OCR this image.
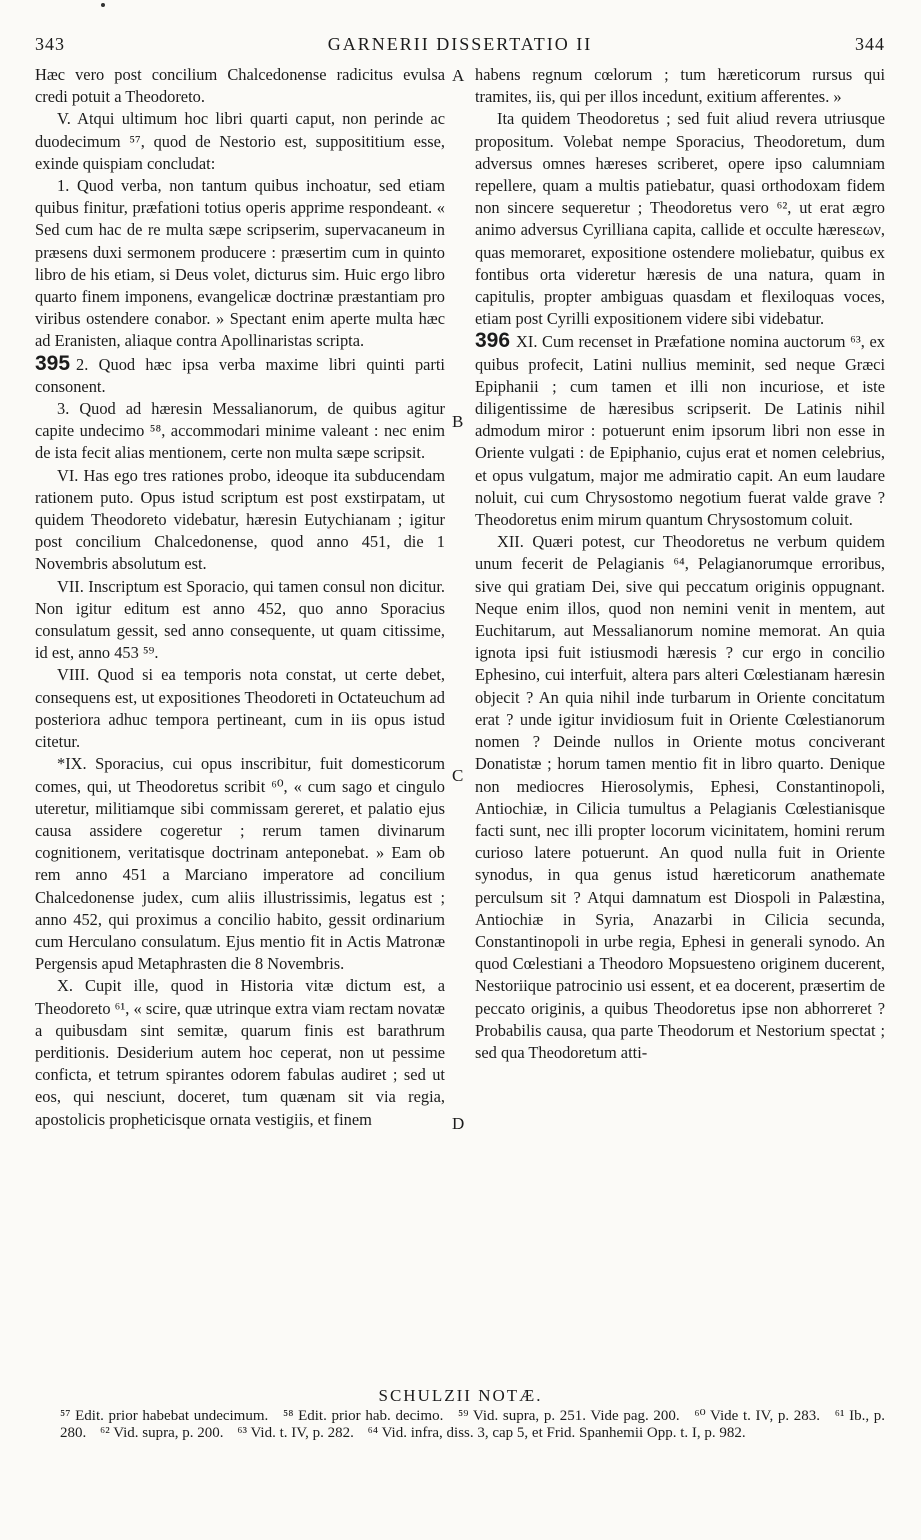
343	GARNERII DISSERTATIO II	344

Hæc vero post concilium Chalcedonense radicitus evulsa credi potuit a Theodoreto.

V. Atqui ultimum hoc libri quarti caput, non perinde ac duodecimum ⁵⁷, quod de Nestorio est, supposititium esse, exinde quispiam concludat:

1. Quod verba, non tantum quibus inchoatur, sed etiam quibus finitur, præfationi totius operis apprime respondeant. « Sed cum hac de re multa sæpe scripserim, supervacaneum in præsens duxi sermonem producere : præsertim cum in quinto libro de his etiam, si Deus volet, dicturus sim. Huic ergo libro quarto finem imponens, evangelicæ doctrinæ præstantiam pro viribus ostendere conabor. » Spectant enim aperte multa hæc ad Eranisten, aliaque contra Apollinaristas scripta.

395 2. Quod hæc ipsa verba maxime libri quinti parti consonent.

3. Quod ad hæresin Messalianorum, de quibus agitur capite undecimo ⁵⁸, accommodari minime valeant : nec enim de ista fecit alias mentionem, certe non multa sæpe scripsit.

VI. Has ego tres rationes probo, ideoque ita subducendam rationem puto. Opus istud scriptum est post exstirpatam, ut quidem Theodoreto videbatur, hæresin Eutychianam ; igitur post concilium Chalcedonense, quod anno 451, die 1 Novembris absolutum est.

VII. Inscriptum est Sporacio, qui tamen consul non dicitur. Non igitur editum est anno 452, quo anno Sporacius consulatum gessit, sed anno consequente, ut quam citissime, id est, anno 453 ⁵⁹.

VIII. Quod si ea temporis nota constat, ut certe debet, consequens est, ut expositiones Theodoreti in Octateuchum ad posteriora adhuc tempora pertineant, cum in iis opus istud citetur.

*IX. Sporacius, cui opus inscribitur, fuit domesticorum comes, qui, ut Theodoretus scribit ⁶⁰, « cum sago et cingulo uteretur, militiamque sibi commissam gereret, et palatio ejus causa assidere cogeretur ; rerum tamen divinarum cognitionem, veritatisque doctrinam anteponebat. » Eam ob rem anno 451 a Marciano imperatore ad concilium Chalcedonense judex, cum aliis illustrissimis, legatus est ; anno 452, qui proximus a concilio habito, gessit ordinarium cum Herculano consulatum. Ejus mentio fit in Actis Matronæ Pergensis apud Metaphrasten die 8 Novembris.

X. Cupit ille, quod in Historia vitæ dictum est, a Theodoreto ⁶¹, « scire, quæ utrinque extra viam rectam novatæ a quibusdam sint semitæ, quarum finis est barathrum perditionis. Desiderium autem hoc ceperat, non ut pessime conficta, et tetrum spirantes odorem fabulas audiret ; sed ut eos, qui nesciunt, doceret, tum quænam sit via regia, apostolicis propheticisque ornata vestigiis, et finem

habens regnum cœlorum ; tum hæreticorum rursus qui tramites, iis, qui per illos incedunt, exitium afferentes. »

Ita quidem Theodoretus ; sed fuit aliud revera utriusque propositum. Volebat nempe Sporacius, Theodoretum, dum adversus omnes hæreses scriberet, opere ipso calumniam repellere, quam a multis patiebatur, quasi orthodoxam fidem non sincere sequeretur ; Theodoretus vero ⁶², ut erat ægro animo adversus Cyrilliana capita, callide et occulte hæresεων, quas memoraret, expositione ostendere moliebatur, quibus ex fontibus orta videretur hæresis de una natura, quam in capitulis, propter ambiguas quasdam et flexiloquas voces, etiam post Cyrilli expositionem videre sibi videbatur.

396 XI. Cum recenset in Præfatione nomina auctorum ⁶³, ex quibus profecit, Latini nullius meminit, sed neque Græci Epiphanii ; cum tamen et illi non incuriose, et iste diligentissime de hæresibus scripserit. De Latinis nihil admodum miror : potuerunt enim ipsorum libri non esse in Oriente vulgati : de Epiphanio, cujus erat et nomen celebrius, et opus vulgatum, major me admiratio capit. An eum laudare noluit, cui cum Chrysostomo negotium fuerat valde grave ? Theodoretus enim mirum quantum Chrysostomum coluit.

XII. Quæri potest, cur Theodoretus ne verbum quidem unum fecerit de Pelagianis ⁶⁴, Pelagianorumque erroribus, sive qui gratiam Dei, sive qui peccatum originis oppugnant. Neque enim illos, quod non nemini venit in mentem, aut Euchitarum, aut Messalianorum nomine memorat. An quia ignota ipsi fuit istiusmodi hæresis ? cur ergo in concilio Ephesino, cui interfuit, altera pars alteri Cœlestianam hæresin objecit ? An quia nihil inde turbarum in Oriente concitatum erat ? unde igitur invidiosum fuit in Oriente Cœlestianorum nomen ? Deinde nullos in Oriente motus conciverant Donatistæ ; horum tamen mentio fit in libro quarto. Denique non mediocres Hierosolymis, Ephesi, Constantinopoli, Antiochiæ, in Cilicia tumultus a Pelagianis Cœlestianisque facti sunt, nec illi propter locorum vicinitatem, homini rerum curioso latere potuerunt. An quod nulla fuit in Oriente synodus, in qua genus istud hæreticorum anathemate perculsum sit ? Atqui damnatum est Diospoli in Palæstina, Antiochiæ in Syria, Anazarbi in Cilicia secunda, Constantinopoli in urbe regia, Ephesi in generali synodo. An quod Cœlestiani a Theodoro Mopsuesteno originem ducerent, Nestoriique patrocinio usi essent, et ea docerent, præsertim de peccato originis, a quibus Theodoretus ipse non abhorreret ? Probabilis causa, qua parte Theodorum et Nestorium spectat ; sed qua Theodoretum atti-

A
B
C
D
SCHULZII NOTÆ.
⁵⁷ Edit. prior habebat undecimum. ⁵⁸ Edit. prior hab. decimo. ⁵⁹ Vid. supra, p. 251. Vide pag. 200. ⁶⁰ Vide t. IV, p. 283. ⁶¹ Ib., p. 280. ⁶² Vid. supra, p. 200. ⁶³ Vid. t. IV, p. 282. ⁶⁴ Vid. infra, diss. 3, cap 5, et Frid. Spanhemii Opp. t. I, p. 982.
